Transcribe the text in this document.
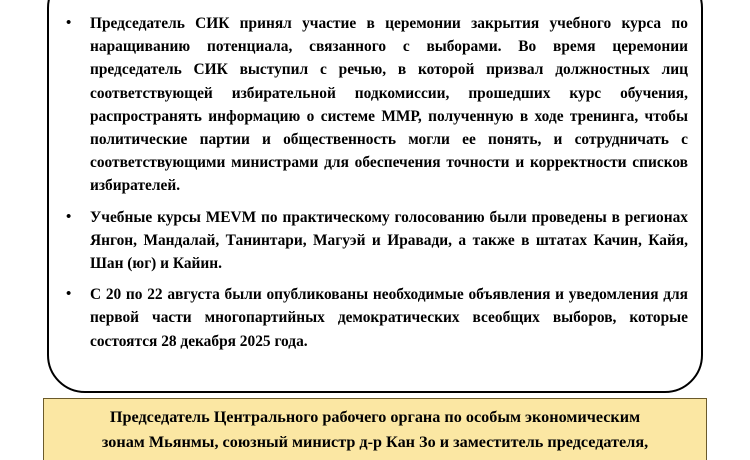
• Председатель СИК принял участие в церемонии закрытия учебного курса по наращиванию потенциала, связанного с выборами. Во время церемонии председатель СИК выступил с речью, в которой призвал должностных лиц соответствующей избирательной подкомиссии, прошедших курс обучения, распространять информацию о системе ММР, полученную в ходе тренинга, чтобы политические партии и общественность могли ее понять, и сотрудничать с соответствующими министрами для обеспечения точности и корректности списков избирателей.
• Учебные курсы MEVM по практическому голосованию были проведены в регионах Янгон, Мандалай, Танинтари, Магуэй и Иравади, а также в штатах Качин, Кайя, Шан (юг) и Кайин.
• С 20 по 22 августа были опубликованы необходимые объявления и уведомления для первой части многопартийных демократических всеобщих выборов, которые состоятся 28 декабря 2025 года.
Председатель Центрального рабочего органа по особым экономическим
зонам Мьянмы, союзный министр д-р Кан Зо и заместитель председателя,
